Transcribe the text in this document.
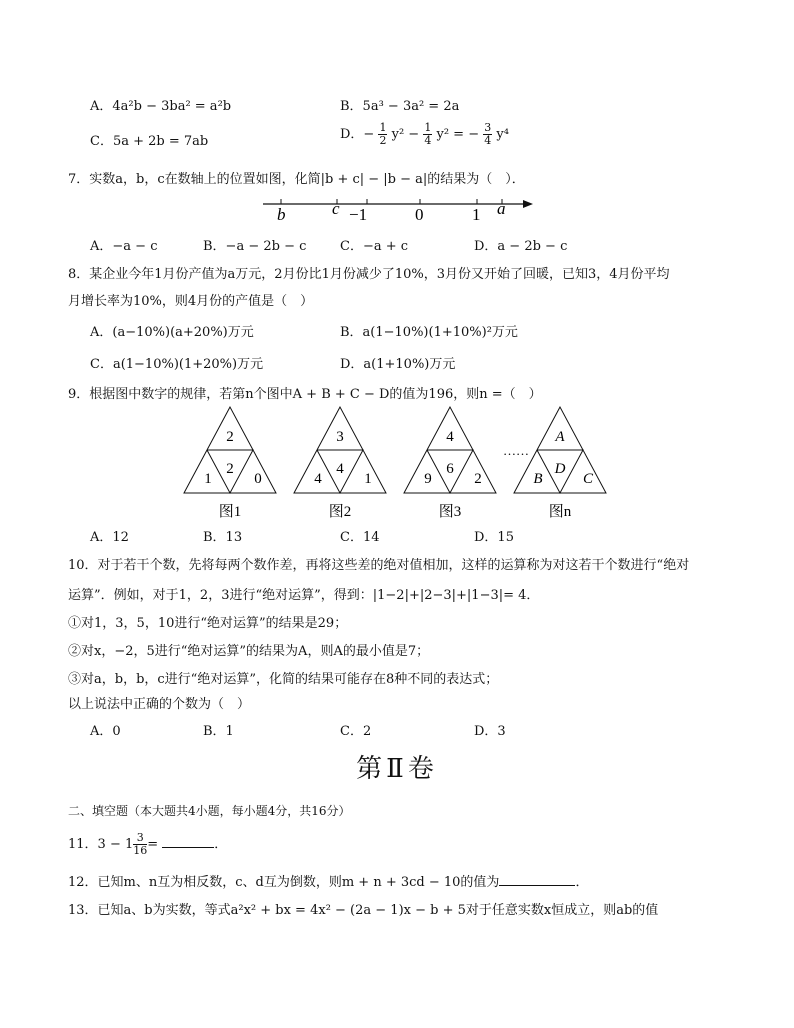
A．4a²b − 3ba² = a²b	B．5a³ − 3a² = 2a
C．5a + 2b = 7ab	D．− $\frac{1}{2} y^2 - \frac{1}{4} y^2$ = − $\frac{3}{4} y^4$
7．实数a，b，c在数轴上的位置如图，化简|b + c| − |b − a|的结果为（　）．
b	c −1	0	1 a
A．−a − c	B．−a − 2b − c	C．−a + c	D．a − 2b − c
8．某企业今年1月份产值为a万元，2月份比1月份减少了10%，3月份又开始了回暖，已知3，4月份平均
月增长率为10%，则4月份的产值是（　）
A．(a−10%)(a+20%)万元	B．a(1−10%)(1+10%)²万元
C．a(1−10%)(1+20%)万元	D．a(1+10%)万元
9．根据图中数字的规律，若第n个图中A + B + C − D的值为196，则n =（　）
2
2
1	0
图1
3
4
4	1
图2
4
6
9	2
图3
……
A
D
B	C
图n
A．12	B．13	C．14	D．15
10．对于若干个数，先将每两个数作差，再将这些差的绝对值相加，这样的运算称为对这若干个数进行“绝对
运算”．例如，对于1，2，3进行“绝对运算”，得到：|1−2|+|2−3|+|1−3|= 4．
①对1，3，5，10进行“绝对运算”的结果是29；
②对x，−2，5进行“绝对运算”的结果为A，则A的最小值是7；
③对a，b，b，c进行“绝对运算”，化简的结果可能存在8种不同的表达式；
以上说法中正确的个数为（　）
A．0	B．1	C．2	D．3
第Ⅱ卷
二、填空题（本大题共4小题，每小题4分，共16分）
11．$3 - 1 \frac{3}{16}$ =	．
12．已知m、n互为相反数，c、d互为倒数，则m + n + 3cd − 10的值为	．
13．已知a、b为实数，等式a²x² + bx = 4x² − (2a − 1)x − b + 5对于任意实数x恒成立，则ab的值
